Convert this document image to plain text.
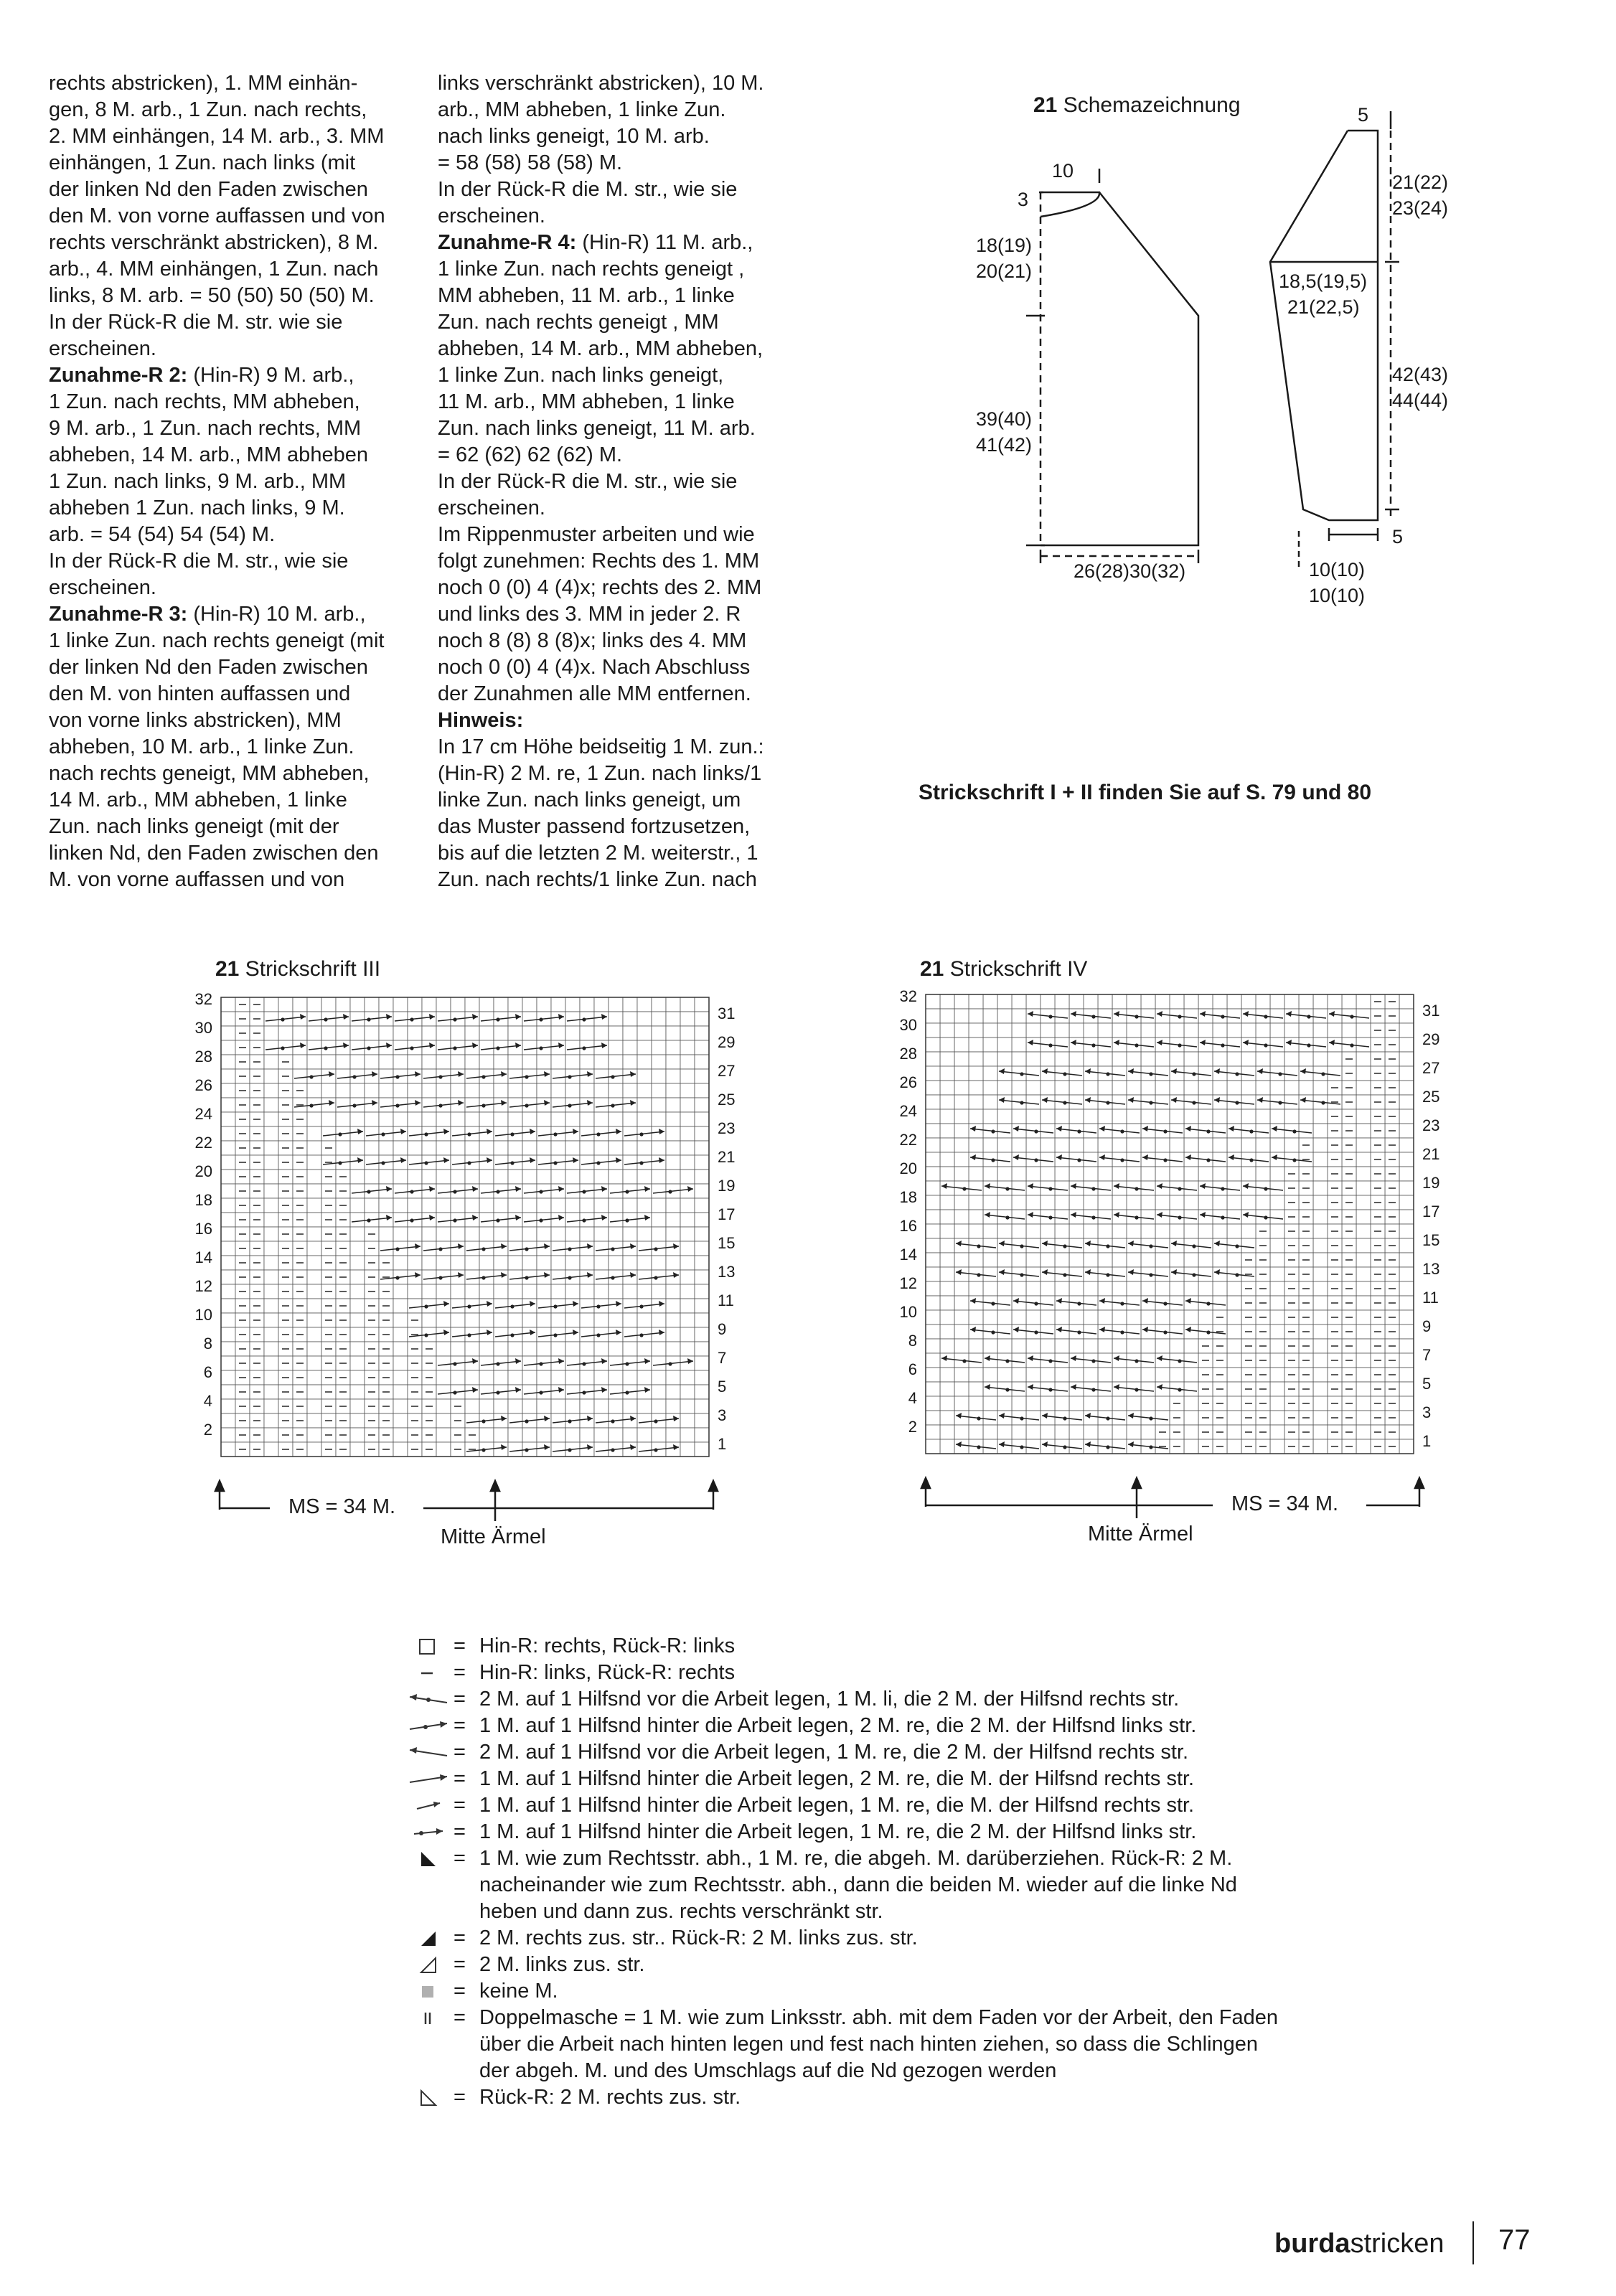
rechts abstricken), 1. MM einhän-

gen, 8 M. arb., 1 Zun. nach rechts,

2. MM einhängen, 14 M. arb., 3. MM

einhängen, 1 Zun. nach links (mit

der linken Nd den Faden zwischen

den M. von vorne auffassen und von

rechts verschränkt abstricken), 8 M.

arb., 4. MM einhängen, 1 Zun. nach

links, 8 M. arb. = 50 (50) 50 (50) M.

In der Rück-R die M. str. wie sie

erscheinen.

Zunahme-R 2: (Hin-R) 9 M. arb.,

1 Zun. nach rechts, MM abheben,

9 M. arb., 1 Zun. nach rechts, MM

abheben, 14 M. arb., MM abheben

1 Zun. nach links, 9 M. arb., MM

abheben 1 Zun. nach links, 9 M.

arb. = 54 (54) 54 (54) M.

In der Rück-R die M. str., wie sie

erscheinen.

Zunahme-R 3: (Hin-R) 10 M. arb.,

1 linke Zun. nach rechts geneigt (mit

der linken Nd den Faden zwischen

den M. von hinten auffassen und

von vorne links abstricken), MM

abheben, 10 M. arb., 1 linke Zun.

nach rechts geneigt, MM abheben,

14 M. arb., MM abheben, 1 linke

Zun. nach links geneigt (mit der

linken Nd, den Faden zwischen den

M. von vorne auffassen und von

links verschränkt abstricken), 10 M.

arb., MM abheben, 1 linke Zun.

nach links geneigt, 10 M. arb.

= 58 (58) 58 (58) M.

In der Rück-R die M. str., wie sie

erscheinen.

Zunahme-R 4: (Hin-R) 11 M. arb.,

1 linke Zun. nach rechts geneigt ,

MM abheben, 11 M. arb., 1 linke

Zun. nach rechts geneigt , MM

abheben, 14 M. arb., MM abheben,

1 linke Zun. nach links geneigt,

11 M. arb., MM abheben, 1 linke

Zun. nach links geneigt, 11 M. arb.

= 62 (62) 62 (62) M.

In der Rück-R die M. str., wie sie

erscheinen.

Im Rippenmuster arbeiten und wie

folgt zunehmen: Rechts des 1. MM

noch 0 (0) 4 (4)x; rechts des 2. MM

und links des 3. MM in jeder 2. R

noch 8 (8) 8 (8)x; links des 4. MM

noch 0 (0) 4 (4)x. Nach Abschluss

der Zunahmen alle MM entfernen.

Hinweis:

In 17 cm Höhe beidseitig 1 M. zun.:

(Hin-R) 2 M. re, 1 Zun. nach links/1

linke Zun. nach links geneigt, um

das Muster passend fortzusetzen,

bis auf die letzten 2 M. weiterstr., 1

Zun. nach rechts/1 linke Zun. nach

21 Schemazeichnung
10
3
18(19)
20(21)
39(40)
41(42)
26(28)30(32)
5
21(22)
23(24)
18,5(19,5)
21(22,5)
42(43)
44(44)
5
10(10)
10(10)
Strickschrift I + II finden Sie auf S. 79 und 80
21 Strickschrift III
32
30
28
26
24
22
20
18
16
14
12
10
8
6
4
2
31
29
27
25
23
21
19
17
15
13
11
9
7
5
3
1
MS = 34 M.
Mitte Ärmel
21 Strickschrift IV
32
30
28
26
24
22
20
18
16
14
12
10
8
6
4
2
31
29
27
25
23
21
19
17
15
13
11
9
7
5
3
1
MS = 34 M.
Mitte Ärmel
= Hin-R: rechts, Rück-R: links
= Hin-R: links, Rück-R: rechts
= 2 M. auf 1 Hilfsnd vor die Arbeit legen, 1 M. li, die 2 M. der Hilfsnd rechts str.
= 1 M. auf 1 Hilfsnd hinter die Arbeit legen, 2 M. re, die 2 M. der Hilfsnd links str.
= 2 M. auf 1 Hilfsnd vor die Arbeit legen, 1 M. re, die 2 M. der Hilfsnd rechts str.
= 1 M. auf 1 Hilfsnd hinter die Arbeit legen, 2 M. re, die M. der Hilfsnd rechts str.
= 1 M. auf 1 Hilfsnd hinter die Arbeit legen, 1 M. re, die M. der Hilfsnd rechts str.
= 1 M. auf 1 Hilfsnd hinter die Arbeit legen, 1 M. re, die 2 M. der Hilfsnd links str.
= 1 M. wie zum Rechtsstr. abh., 1 M. re, die abgeh. M. darüberziehen. Rück-R: 2 M.
nacheinander wie zum Rechtsstr. abh., dann die beiden M. wieder auf die linke Nd
heben und dann zus. rechts verschränkt str.
= 2 M. rechts zus. str.. Rück-R: 2 M. links zus. str.
= 2 M. links zus. str.
= keine M.
= Doppelmasche = 1 M. wie zum Linksstr. abh. mit dem Faden vor der Arbeit, den Faden
über die Arbeit nach hinten legen und fest nach hinten ziehen, so dass die Schlingen
der abgeh. M. und des Umschlags auf die Nd gezogen werden
= Rück-R: 2 M. rechts zus. str.
burdastricken 77
